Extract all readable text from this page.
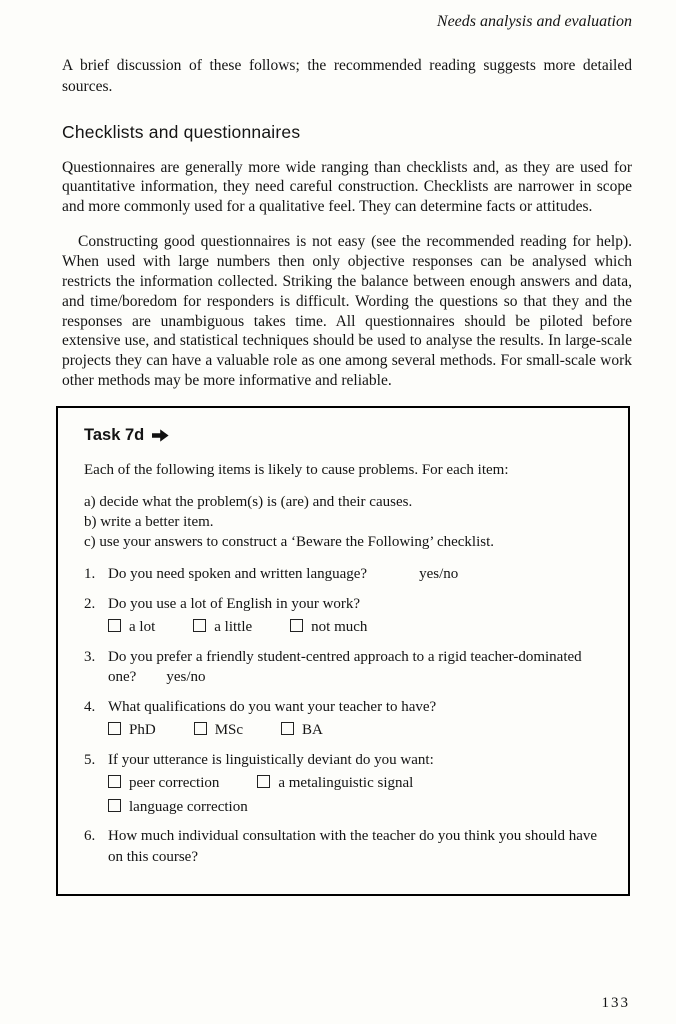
Needs analysis and evaluation

A brief discussion of these follows; the recommended reading suggests more detailed sources.

Checklists and questionnaires

Questionnaires are generally more wide ranging than checklists and, as they are used for quantitative information, they need careful construction. Checklists are narrower in scope and more commonly used for a qualitative feel. They can determine facts or attitudes.

Constructing good questionnaires is not easy (see the recommended reading for help). When used with large numbers then only objective responses can be analysed which restricts the information collected. Striking the balance between enough answers and data, and time/boredom for responders is difficult. Wording the questions so that they and the responses are unambiguous takes time. All questionnaires should be piloted before extensive use, and statistical techniques should be used to analyse the results. In large-scale projects they can have a valuable role as one among several methods. For small-scale work other methods may be more informative and reliable.

Task 7d
Each of the following items is likely to cause problems. For each item:
a) decide what the problem(s) is (are) and their causes.
b) write a better item.
c) use your answers to construct a ‘Beware the Following’ checklist.
1. Do you need spoken and written language?	yes/no
2. Do you use a lot of English in your work?
a lot	a little	not much
3. Do you prefer a friendly student-centred approach to a rigid teacher-dominated one? yes/no
4. What qualifications do you want your teacher to have?
PhD	MSc	BA
5. If your utterance is linguistically deviant do you want:
peer correction	a metalinguistic signal
language correction
6. How much individual consultation with the teacher do you think you should have on this course?
133
